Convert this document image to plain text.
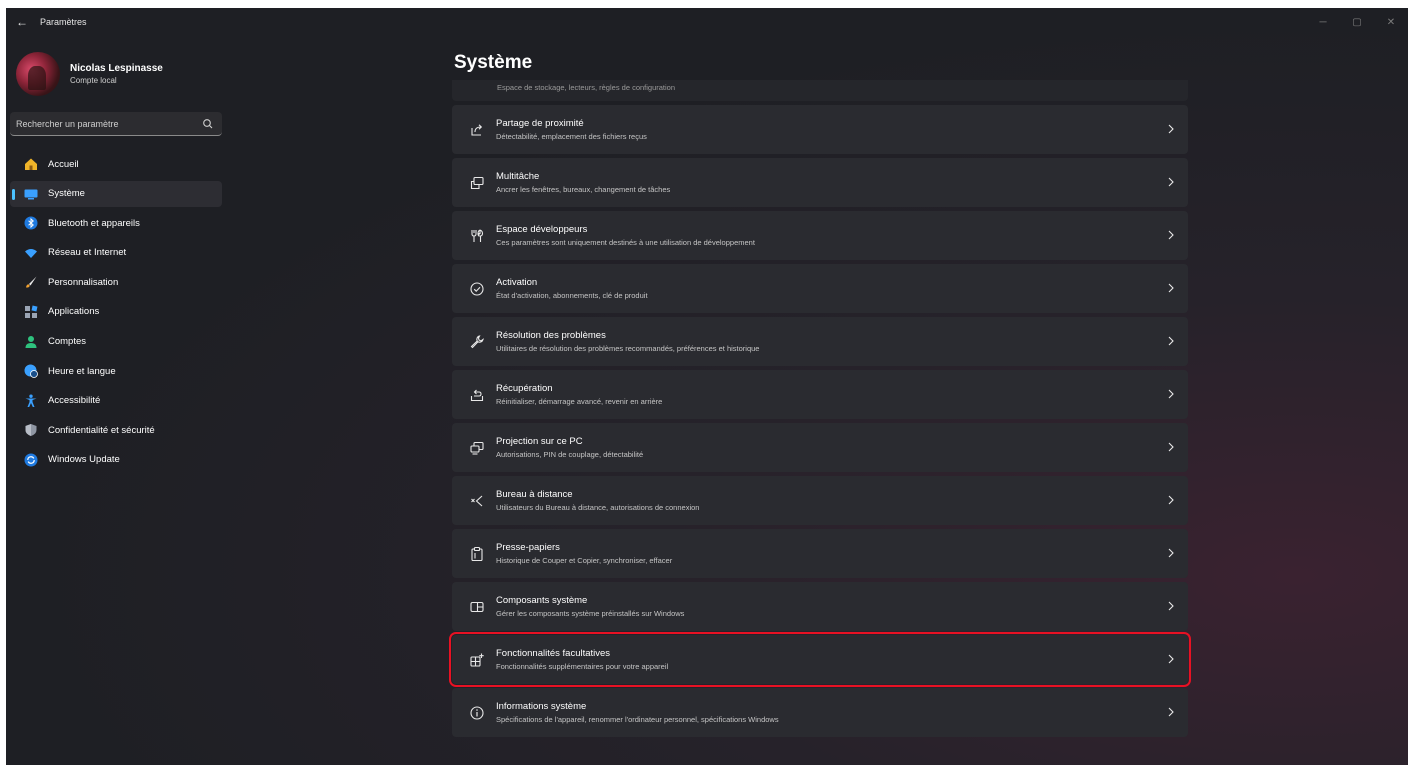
← Paramètres	─	▢	✕
Nicolas Lespinasse
Compte local
Rechercher un paramètre
Accueil
Système
Bluetooth et appareils
Réseau et Internet
Personnalisation
Applications
Comptes
Heure et langue
Accessibilité
Confidentialité et sécurité
Windows Update
Système
Espace de stockage, lecteurs, règles de configuration
Partage de proximité
Détectabilité, emplacement des fichiers reçus
Multitâche
Ancrer les fenêtres, bureaux, changement de tâches
Espace développeurs
Ces paramètres sont uniquement destinés à une utilisation de développement
Activation
État d'activation, abonnements, clé de produit
Résolution des problèmes
Utilitaires de résolution des problèmes recommandés, préférences et historique
Récupération
Réinitialiser, démarrage avancé, revenir en arrière
Projection sur ce PC
Autorisations, PIN de couplage, détectabilité
Bureau à distance
Utilisateurs du Bureau à distance, autorisations de connexion
Presse-papiers
Historique de Couper et Copier, synchroniser, effacer
Composants système
Gérer les composants système préinstallés sur Windows
Fonctionnalités facultatives
Fonctionnalités supplémentaires pour votre appareil
Informations système
Spécifications de l'appareil, renommer l'ordinateur personnel, spécifications Windows
